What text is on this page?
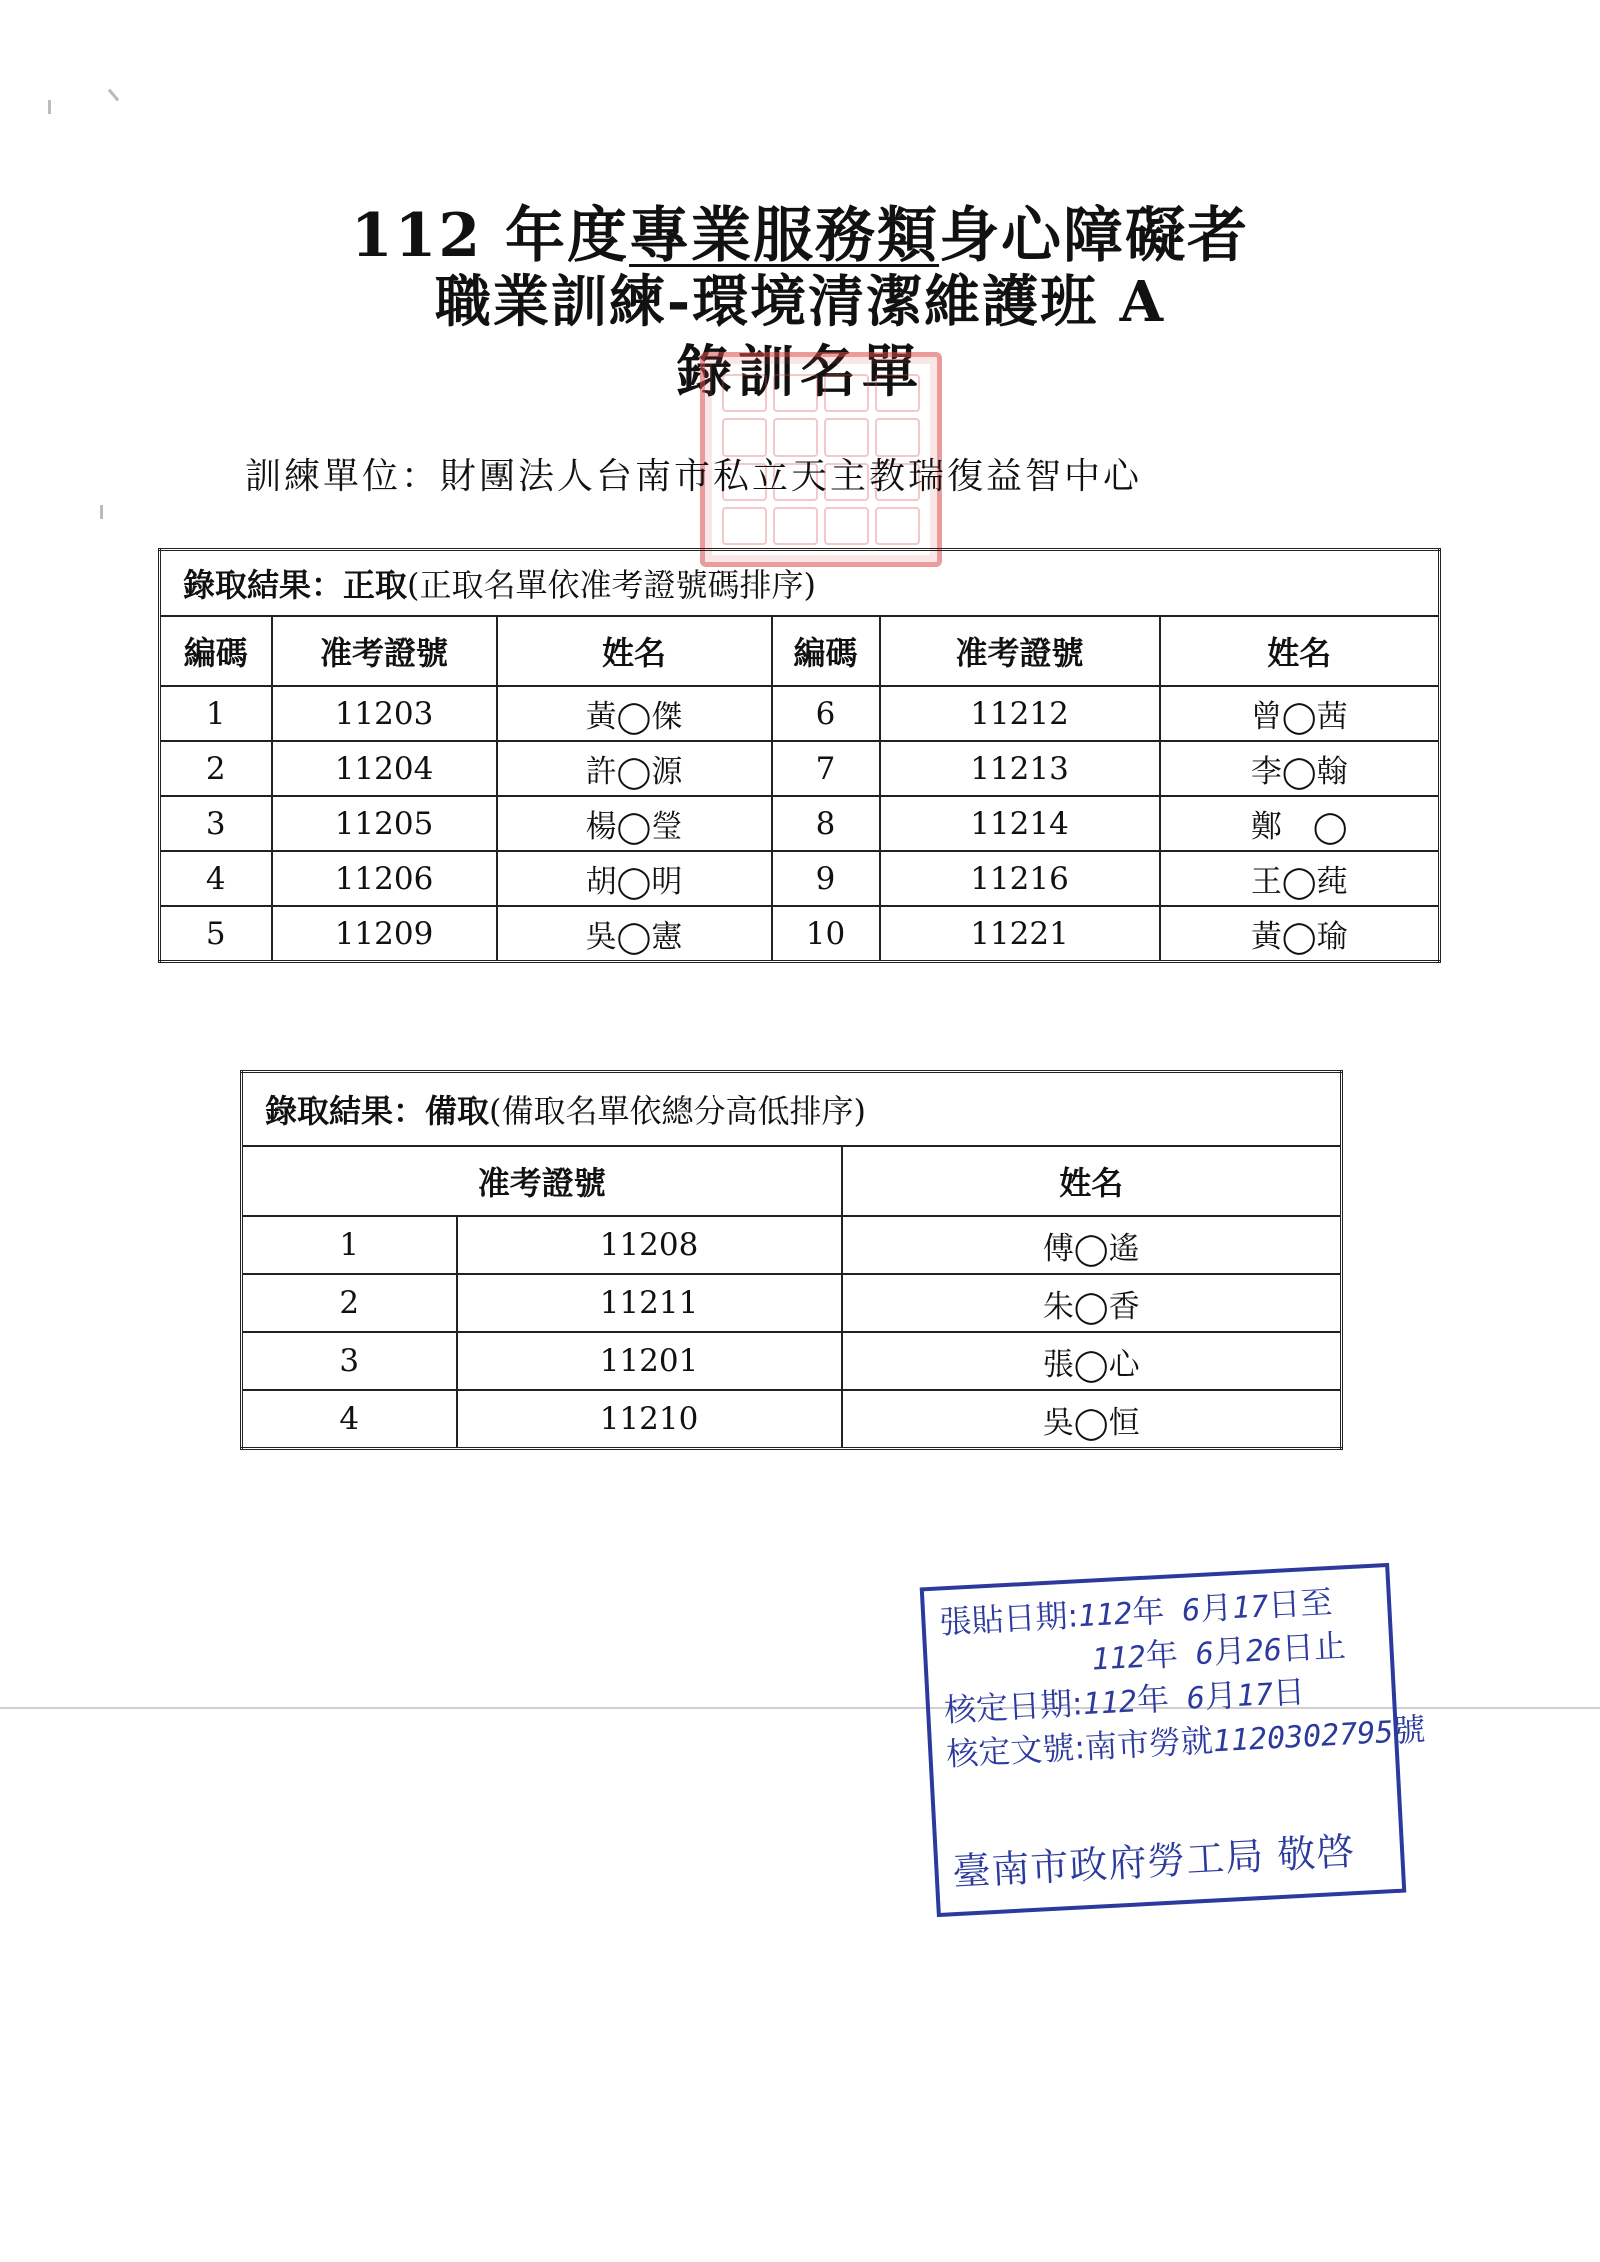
112 年度專業服務類身心障礙者
職業訓練-環境清潔維護班 A
錄訓名單
訓練單位：財團法人台南市私立天主教瑞復益智中心
錄取結果：正取(正取名單依准考證號碼排序)					
編碼	准考證號	姓名	編碼	准考證號	姓名
1	11203	黃◯傑	6	11212	曾◯茜
2	11204	許◯源	7	11213	李◯翰
3	11205	楊◯瑩	8	11214	鄭　◯
4	11206	胡◯明	9	11216	王◯莼
5	11209	吳◯憲	10	11221	黃◯瑜
錄取結果：備取(備取名單依總分高低排序)		
准考證號		姓名
1	11208	傅◯遙
2	11211	朱◯香
3	11201	張◯心
4	11210	吳◯恒
張貼日期:112年 6月17日至
112年 6月26日止
核定日期:112年 6月17日
核定文號:南市勞就1120302795號
臺南市政府勞工局 敬啓
